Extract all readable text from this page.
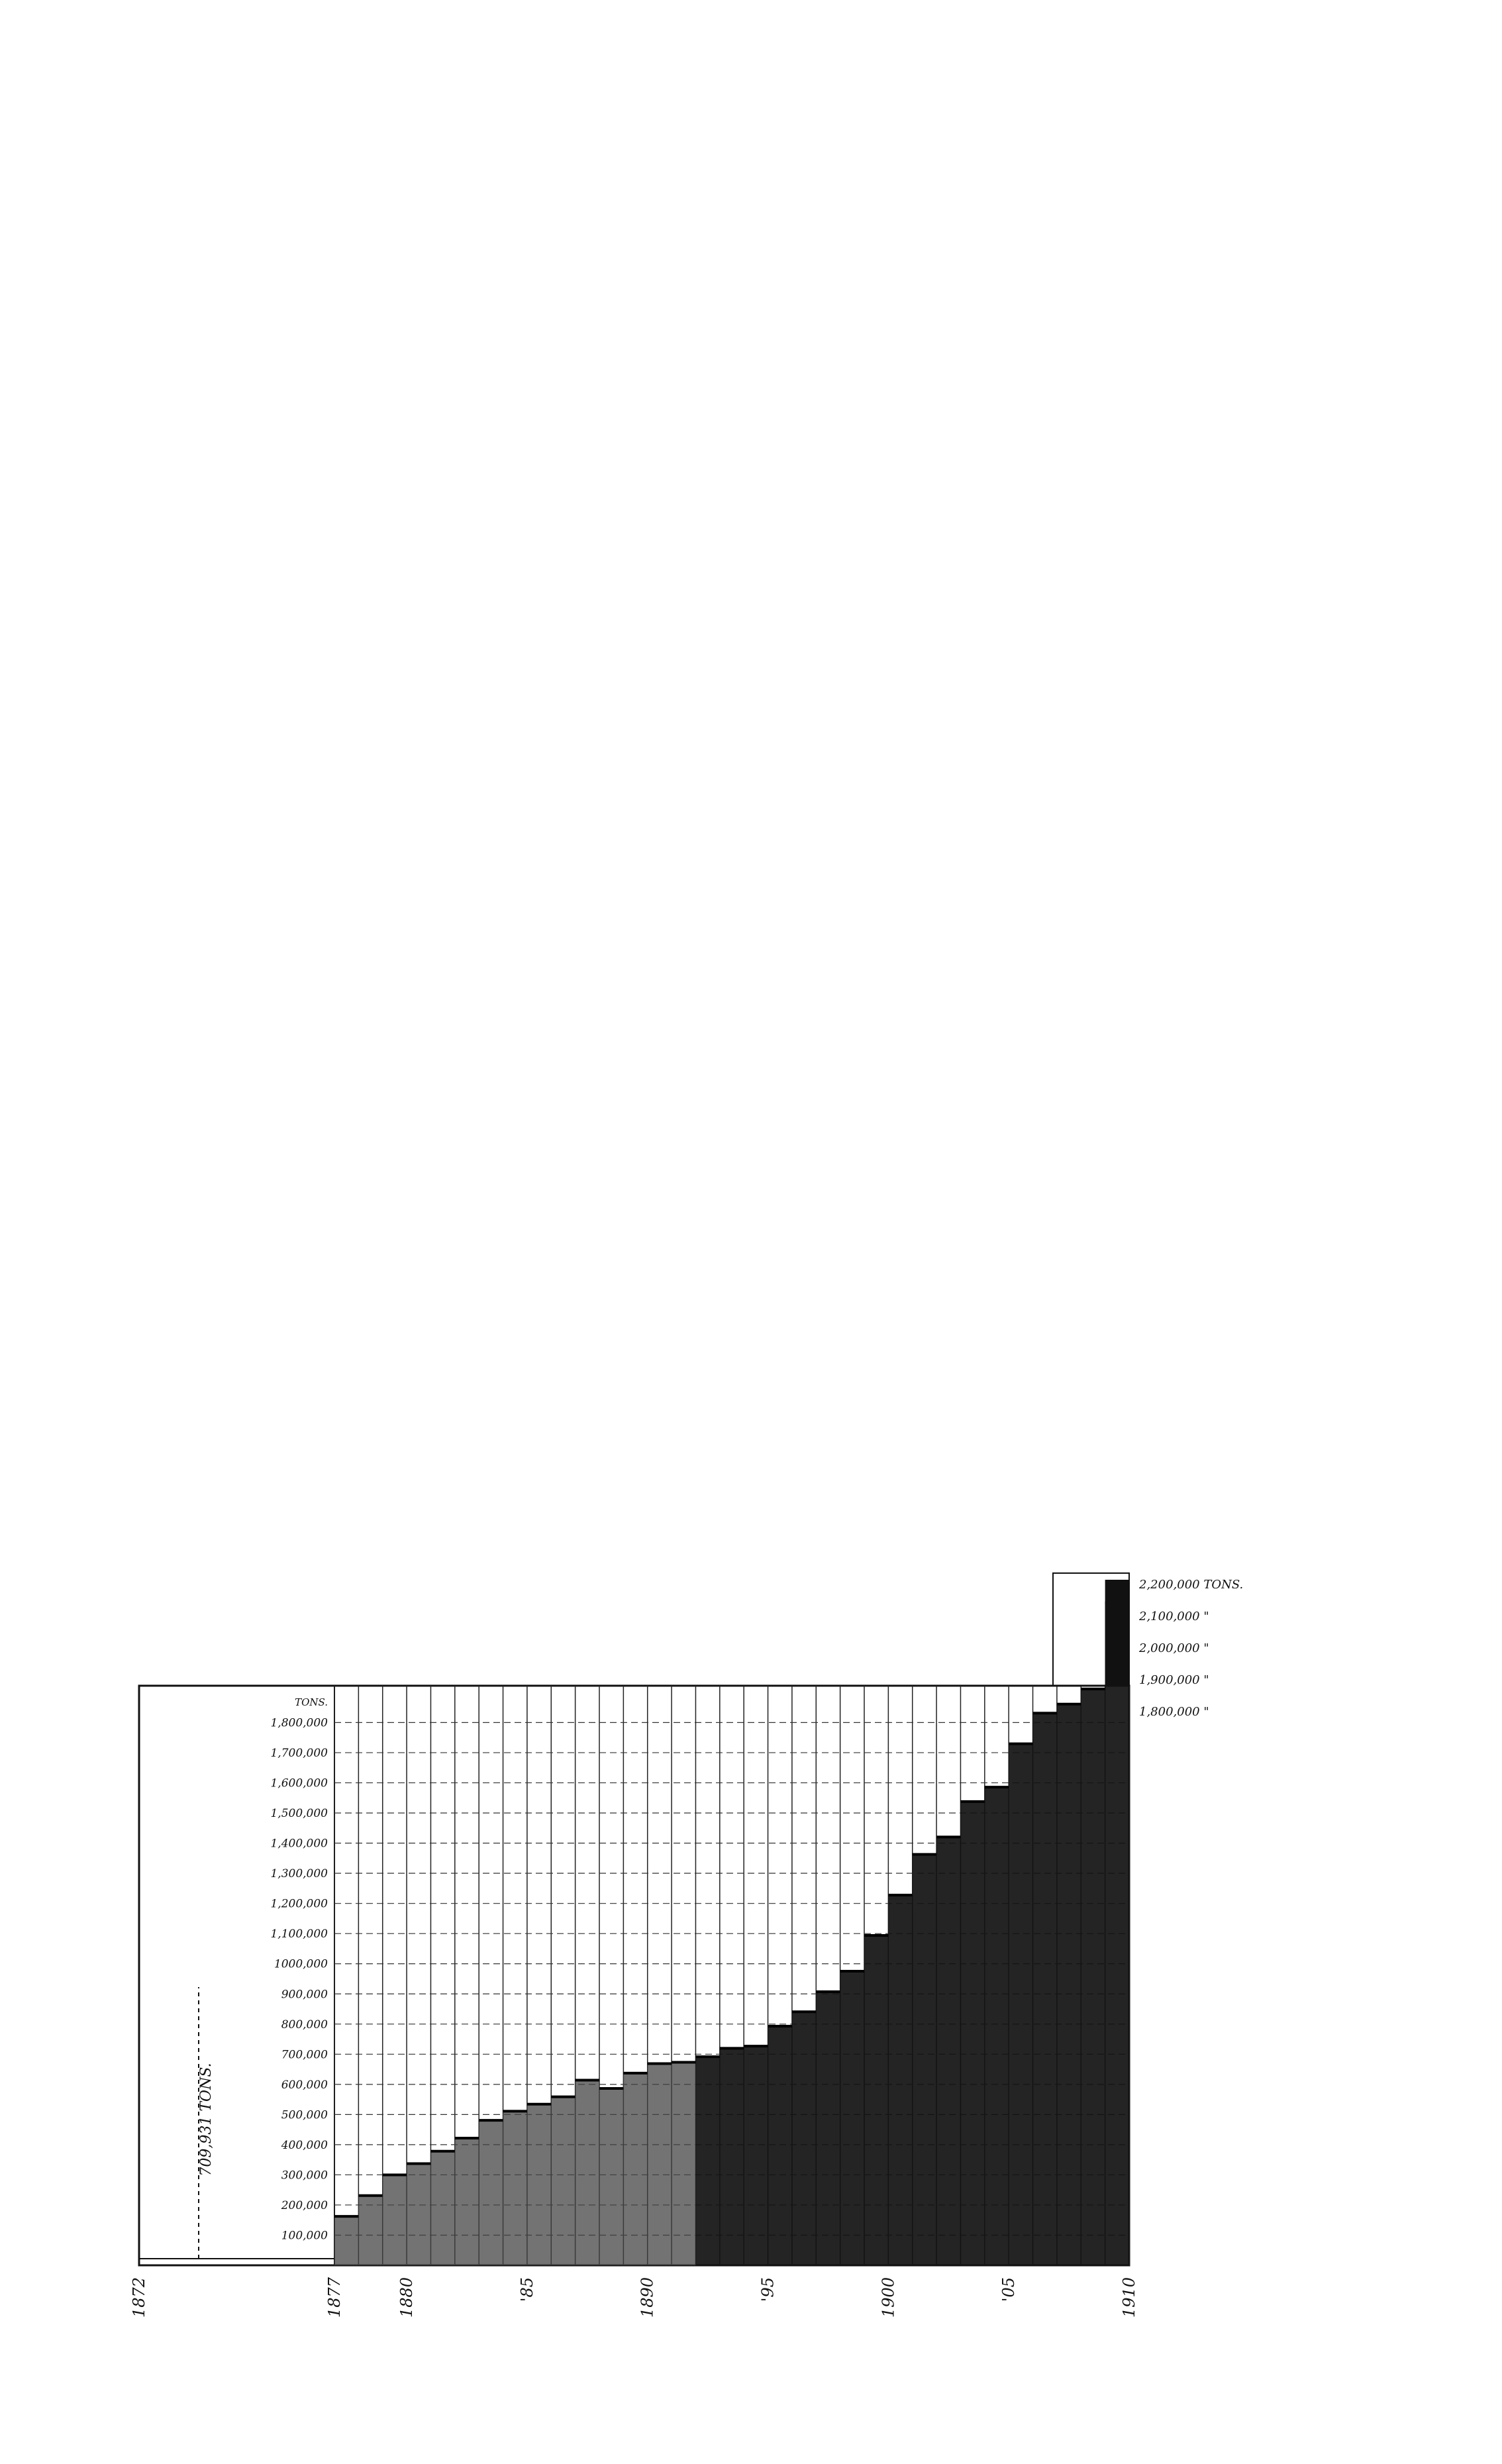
100,000
200,000
300,000
400,000
500,000
600,000
700,000
800,000
900,000
1000,000
1,100,000
1,200,000
1,300,000
1,400,000
1,500,000
1,600,000
1,700,000
1,800,000
TONS.
2,200,000 TONS.
2,100,000 "
2,000,000 "
1,900,000 "
1,800,000 "
1872	1877	1880	'85	1890	'95	1900	'05	1910
709,931 TONS.
